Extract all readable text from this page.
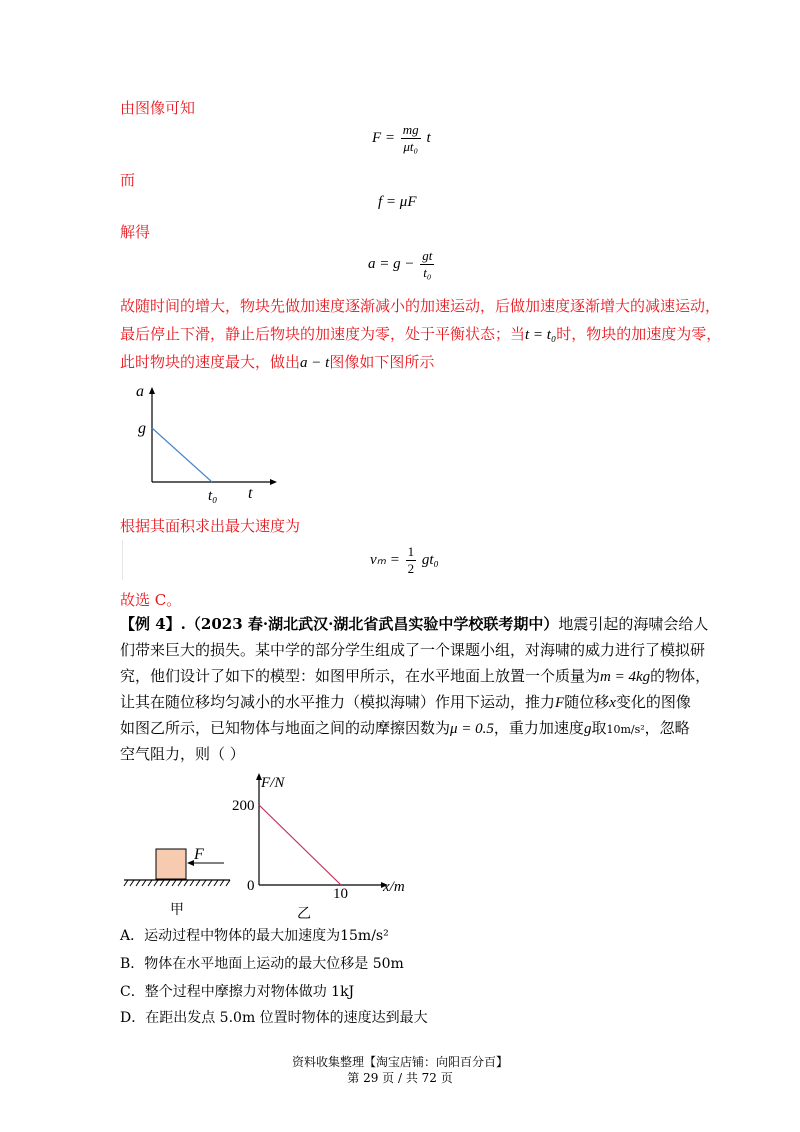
由图像可知
$F = \frac{mg}{\text{μt₀}}$ t
而
f = μF
解得
$a = g - \frac{gt}{\text{t₀}}$
故随时间的增大，物块先做加速度逐渐减小的加速运动，后做加速度逐渐增大的减速运动，
最后停止下滑，静止后物块的加速度为零，处于平衡状态；当t = t₀时，物块的加速度为零，
此时物块的速度最大，做出a − t图像如下图所示
a
g
t
t₀
根据其面积求出最大速度为
$v_m = \frac{1}{2} gt_0$
故选 C。
【例 4】.（2023 春·湖北武汉·湖北省武昌实验中学校联考期中）地震引起的海啸会给人
们带来巨大的损失。某中学的部分学生组成了一个课题小组，对海啸的威力进行了模拟研
究，他们设计了如下的模型：如图甲所示，在水平地面上放置一个质量为m = 4kg的物体，
让其在随位移均匀减小的水平推力（模拟海啸）作用下运动，推力F随位移x变化的图像
如图乙所示，已知物体与地面之间的动摩擦因数为μ = 0.5，重力加速度g取10m/s²，忽略
空气阻力，则（ ）
F
甲
F/N
200
0	10 x/m
乙
A．运动过程中物体的最大加速度为15m/s²
B．物体在水平地面上运动的最大位移是 50m
C．整个过程中摩擦力对物体做功 1kJ
D．在距出发点 5.0m 位置时物体的速度达到最大
资料收集整理【淘宝店铺：向阳百分百】
第 29 页 / 共 72 页
